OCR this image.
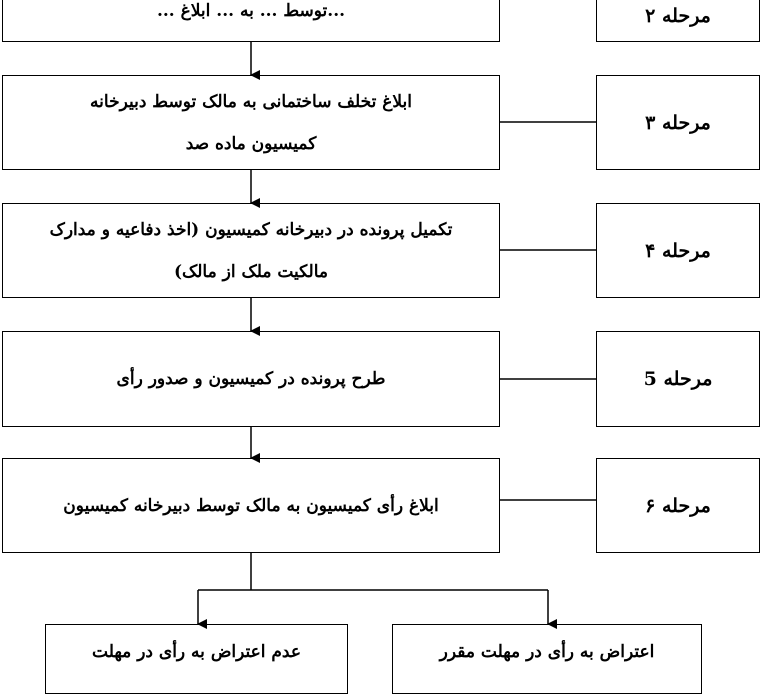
...توسط ... به ... ابلاغ ...	مرحله ۲
ابلاغ تخلف ساختمانی به مالک توسط دبیرخانه
کمیسیون ماده صد
مرحله ۳
تکمیل پرونده در دبیرخانه کمیسیون (اخذ دفاعیه و مدارک
مالکیت ملک از مالک)
مرحله ۴
طرح پرونده در کمیسیون و صدور رأی	مرحله 5
ابلاغ رأی کمیسیون به مالک توسط دبیرخانه کمیسیون	مرحله ۶
عدم اعتراض به رأی در مهلت	اعتراض به رأی در مهلت مقرر
